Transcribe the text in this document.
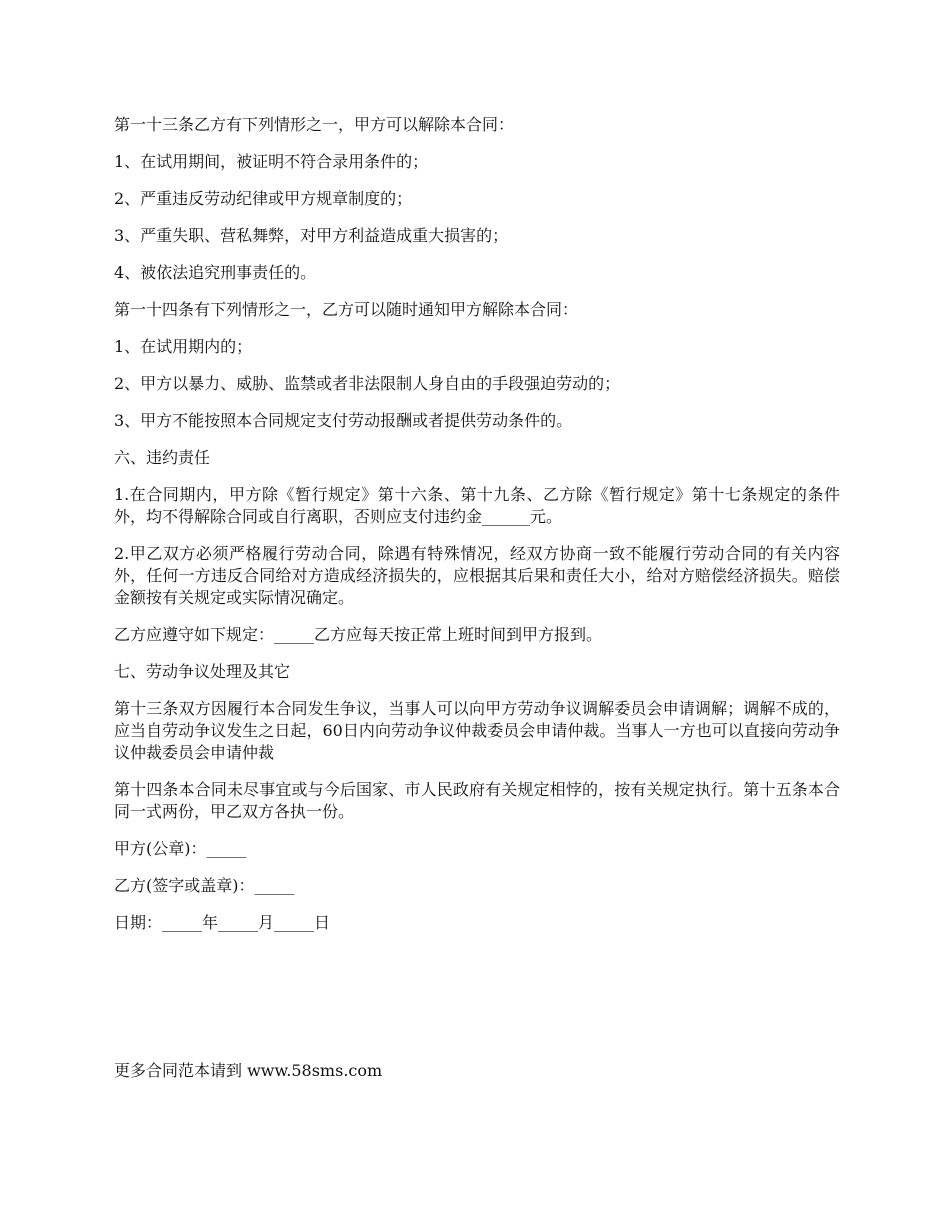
第一十三条乙方有下列情形之一，甲方可以解除本合同：

1、在试用期间，被证明不符合录用条件的；

2、严重违反劳动纪律或甲方规章制度的；

3、严重失职、营私舞弊，对甲方利益造成重大损害的；

4、被依法追究刑事责任的。

第一十四条有下列情形之一，乙方可以随时通知甲方解除本合同：

1、在试用期内的；

2、甲方以暴力、威胁、监禁或者非法限制人身自由的手段强迫劳动的；

3、甲方不能按照本合同规定支付劳动报酬或者提供劳动条件的。

六、违约责任

1.在合同期内，甲方除《暂行规定》第十六条、第十九条、乙方除《暂行规定》第十七条规定的条件外，均不得解除合同或自行离职，否则应支付违约金______元。

2.甲乙双方必须严格履行劳动合同，除遇有特殊情况，经双方协商一致不能履行劳动合同的有关内容外，任何一方违反合同给对方造成经济损失的，应根据其后果和责任大小，给对方赔偿经济损失。赔偿金额按有关规定或实际情况确定。

乙方应遵守如下规定：_____乙方应每天按正常上班时间到甲方报到。

七、劳动争议处理及其它

第十三条双方因履行本合同发生争议，当事人可以向甲方劳动争议调解委员会申请调解；调解不成的，应当自劳动争议发生之日起，60日内向劳动争议仲裁委员会申请仲裁。当事人一方也可以直接向劳动争议仲裁委员会申请仲裁

第十四条本合同未尽事宜或与今后国家、市人民政府有关规定相悖的，按有关规定执行。第十五条本合同一式两份，甲乙双方各执一份。

甲方(公章)：_____

乙方(签字或盖章)：_____

日期：_____年_____月_____日

更多合同范本请到 www.58sms.com
